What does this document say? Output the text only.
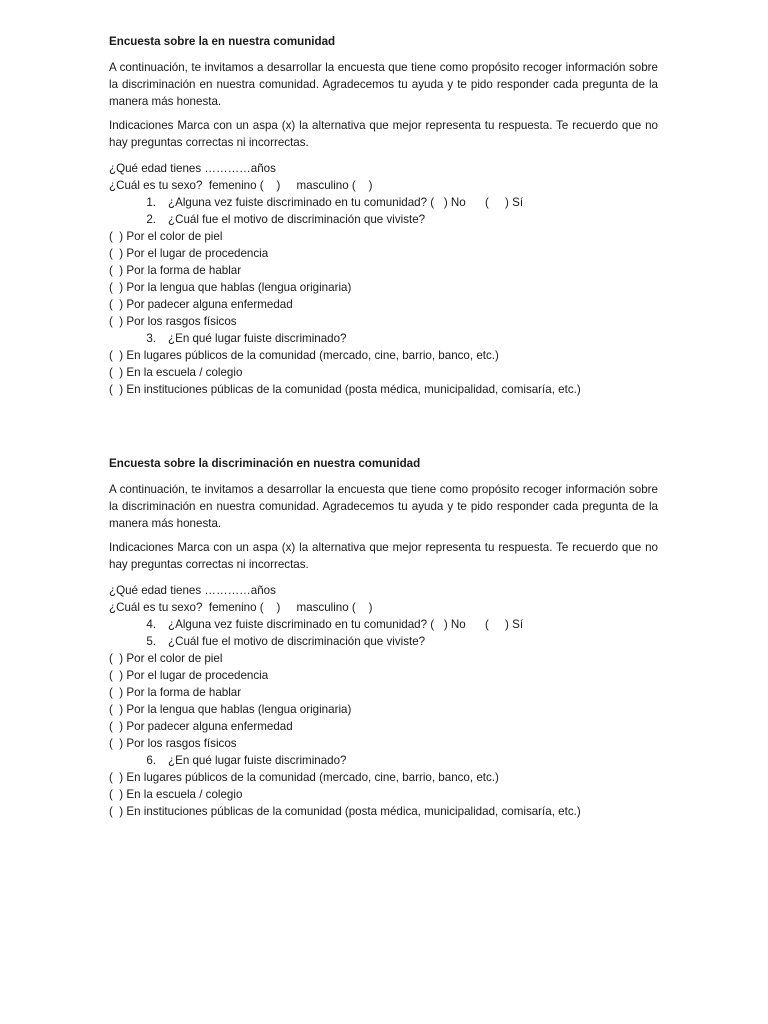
Encuesta sobre la en nuestra comunidad
A continuación, te invitamos a desarrollar la encuesta que tiene como propósito recoger información sobre la discriminación en nuestra comunidad. Agradecemos tu ayuda y te pido responder cada pregunta de la manera más honesta.
Indicaciones Marca con un aspa (x) la alternativa que mejor representa tu respuesta. Te recuerdo que no hay preguntas correctas ni incorrectas.
¿Qué edad tienes …………años
¿Cuál es tu sexo?  femenino (    )     masculino (    )
1. ¿Alguna vez fuiste discriminado en tu comunidad? (   ) No      (     ) Sí
2. ¿Cuál fue el motivo de discriminación que viviste?
(  ) Por el color de piel
(  ) Por el lugar de procedencia
(  ) Por la forma de hablar
(  ) Por la lengua que hablas (lengua originaria)
(  ) Por padecer alguna enfermedad
(  ) Por los rasgos físicos
3. ¿En qué lugar fuiste discriminado?
(  ) En lugares públicos de la comunidad (mercado, cine, barrio, banco, etc.)
(  ) En la escuela / colegio
(  ) En instituciones públicas de la comunidad (posta médica, municipalidad, comisaría, etc.)
Encuesta sobre la discriminación en nuestra comunidad
A continuación, te invitamos a desarrollar la encuesta que tiene como propósito recoger información sobre la discriminación en nuestra comunidad. Agradecemos tu ayuda y te pido responder cada pregunta de la manera más honesta.
Indicaciones Marca con un aspa (x) la alternativa que mejor representa tu respuesta. Te recuerdo que no hay preguntas correctas ni incorrectas.
¿Qué edad tienes …………años
¿Cuál es tu sexo?  femenino (    )     masculino (    )
4. ¿Alguna vez fuiste discriminado en tu comunidad? (   ) No      (     ) Sí
5. ¿Cuál fue el motivo de discriminación que viviste?
(  ) Por el color de piel
(  ) Por el lugar de procedencia
(  ) Por la forma de hablar
(  ) Por la lengua que hablas (lengua originaria)
(  ) Por padecer alguna enfermedad
(  ) Por los rasgos físicos
6. ¿En qué lugar fuiste discriminado?
(  ) En lugares públicos de la comunidad (mercado, cine, barrio, banco, etc.)
(  ) En la escuela / colegio
(  ) En instituciones públicas de la comunidad (posta médica, municipalidad, comisaría, etc.)
